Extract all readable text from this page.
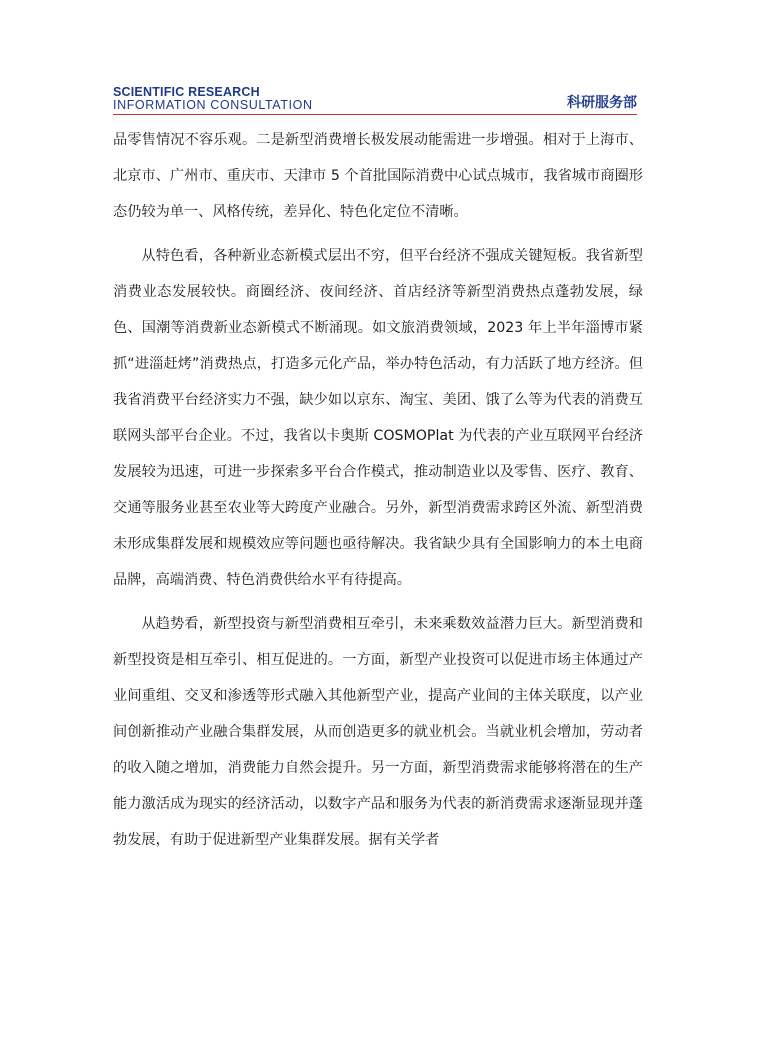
SCIENTIFIC RESEARCH
INFORMATION CONSULTATION	科研服务部

品零售情况不容乐观。二是新型消费增长极发展动能需进一步增强。相对于上海市、北京市、广州市、重庆市、天津市 5 个首批国际消费中心试点城市，我省城市商圈形态仍较为单一、风格传统，差异化、特色化定位不清晰。

从特色看，各种新业态新模式层出不穷，但平台经济不强成关键短板。我省新型消费业态发展较快。商圈经济、夜间经济、首店经济等新型消费热点蓬勃发展，绿色、国潮等消费新业态新模式不断涌现。如文旅消费领域，2023 年上半年淄博市紧抓“进淄赶烤”消费热点，打造多元化产品，举办特色活动，有力活跃了地方经济。但我省消费平台经济实力不强，缺少如以京东、淘宝、美团、饿了么等为代表的消费互联网头部平台企业。不过，我省以卡奥斯 COSMOPlat 为代表的产业互联网平台经济发展较为迅速，可进一步探索多平台合作模式，推动制造业以及零售、医疗、教育、交通等服务业甚至农业等大跨度产业融合。另外，新型消费需求跨区外流、新型消费未形成集群发展和规模效应等问题也亟待解决。我省缺少具有全国影响力的本土电商品牌，高端消费、特色消费供给水平有待提高。

从趋势看，新型投资与新型消费相互牵引，未来乘数效益潜力巨大。新型消费和新型投资是相互牵引、相互促进的。一方面，新型产业投资可以促进市场主体通过产业间重组、交叉和渗透等形式融入其他新型产业，提高产业间的主体关联度，以产业间创新推动产业融合集群发展，从而创造更多的就业机会。当就业机会增加，劳动者的收入随之增加，消费能力自然会提升。另一方面，新型消费需求能够将潜在的生产能力激活成为现实的经济活动，以数字产品和服务为代表的新消费需求逐渐显现并蓬勃发展，有助于促进新型产业集群发展。据有关学者
